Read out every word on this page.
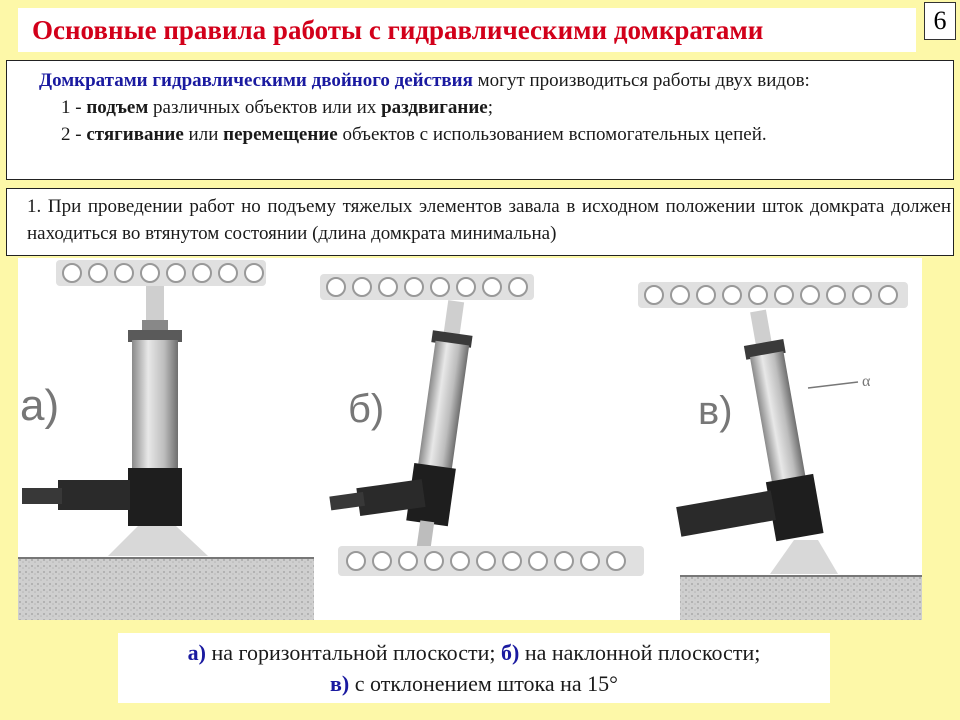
Основные правила работы с гидравлическими домкратами	6
Домкратами гидравлическими двойного действия могут производиться работы двух видов:
1 - подъем различных объектов или их раздвигание;
2 - стягивание или перемещение объектов с использованием вспомогательных цепей.
1. При проведении работ но подъему тяжелых элементов завала в исходном положении шток домкрата должен находиться во втянутом состоянии (длина домкрата минимальна)
а)	б)
α
в)
а) на горизонтальной плоскости; б) на наклонной плоскости;
в) с отклонением штока на 15°
